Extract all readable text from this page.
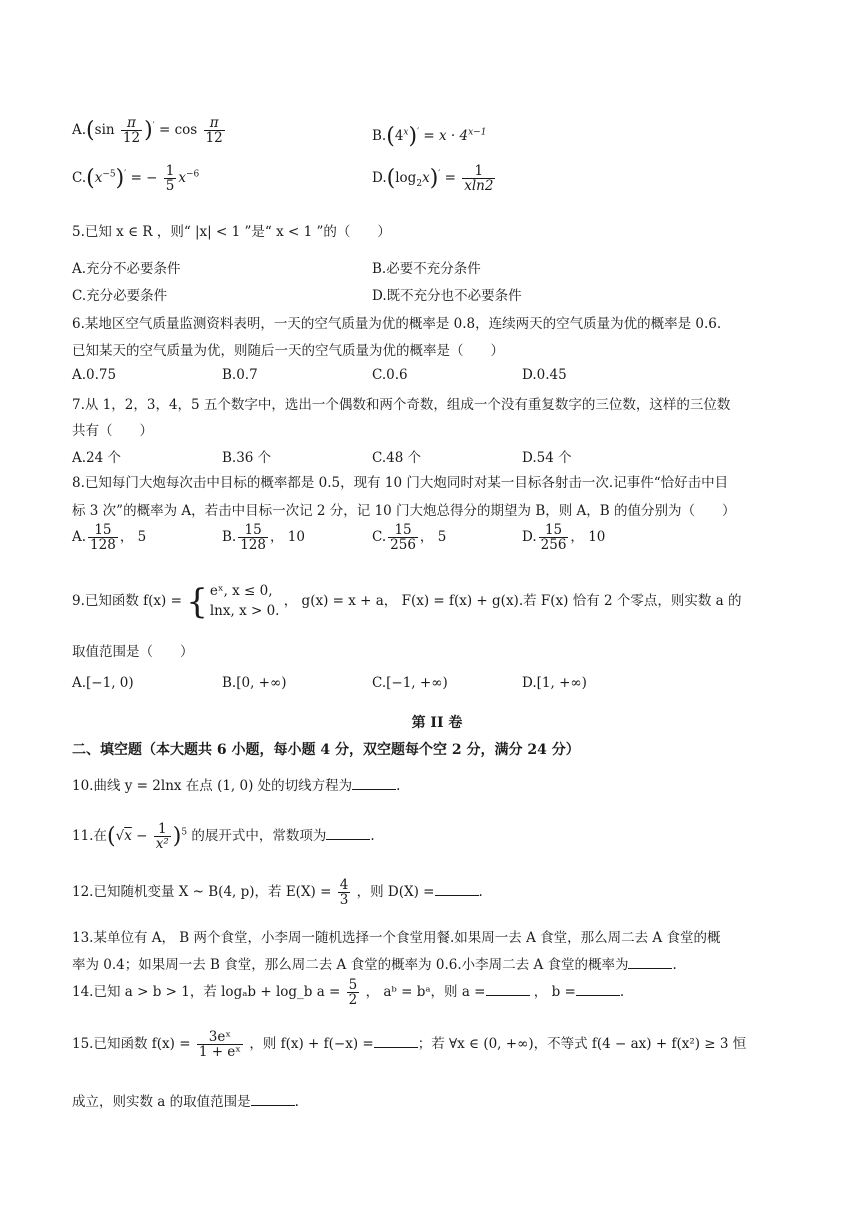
$A.(\sin \frac{\pi}{12} )' = \cos \frac{\pi}{12}$	$B.(4^x)' = x \cdot 4^{x-1}$
$C.(x^{-5})'$ = − $\frac{1}{5} x^{-6}$	$D.(\log_2x)' = \frac{1}{xln2}$
5.已知 x ∈ R ，则“ |x| < 1 ”是“ x < 1 ”的（　　）
A.充分不必要条件	B.必要不充分条件
C.充分必要条件	D.既不充分也不必要条件
6.某地区空气质量监测资料表明，一天的空气质量为优的概率是 0.8，连续两天的空气质量为优的概率是 0.6.
已知某天的空气质量为优，则随后一天的空气质量为优的概率是（　　）
A.0.75	B.0.7	C.0.6	D.0.45
7.从 1，2，3，4，5 五个数字中，选出一个偶数和两个奇数，组成一个没有重复数字的三位数，这样的三位数
共有（　　）
A.24 个	B.36 个	C.48 个	D.54 个
8.已知每门大炮每次击中目标的概率都是 0.5，现有 10 门大炮同时对某一目标各射击一次.记事件“恰好击中目
标 3 次”的概率为 A，若击中目标一次记 2 分，记 10 门大炮总得分的期望为 B，则 A，B 的值分别为（　　）
A. $\frac{15}{128}$ ， 5	B. $\frac{15}{128}$ ， 10	C. $\frac{15}{256}$ ， 5	D. $\frac{15}{256}$ ， 10
9.已知函数 f(x) = { eˣ, x ≤ 0,
lnx, x > 0.
， g(x) = x + a， F(x) = f(x) + g(x).若 F(x) 恰有 2 个零点，则实数 a 的
取值范围是（　　）
A.[−1, 0)	B.[0, +∞)	C.[−1, +∞)	D.[1, +∞)
第 II 卷
二、填空题（本大题共 6 小题，每小题 4 分，双空题每个空 2 分，满分 24 分）
10.曲线 y = 2lnx 在点 (1, 0) 处的切线方程为	.
11.在$(√x - \frac{1}{\text{x²}} )^5$ 的展开式中，常数项为	.
12.已知随机变量 X ~ B(4, p)，若 $E(X) = \frac{4}{3}$ ，则 D(X) =	.
13.某单位有 A， B 两个食堂，小李周一随机选择一个食堂用餐.如果周一去 A 食堂，那么周二去 A 食堂的概
率为 0.4；如果周一去 B 食堂，那么周二去 A 食堂的概率为 0.6.小李周二去 A 食堂的概率为	.
14.已知 a > b > 1，若 logₐb + log_b $a = \frac{5}{2}$ ， aᵇ = bᵃ，则 a =	， b =	.
15.已知函数 $f(x) = \frac{\text{3eˣ}}{\text{1 + eˣ}}$ ，则 f(x) + f(−x) =	；若 ∀x ∈ (0, +∞)，不等式 f(4 − ax) + f(x²) ≥ 3 恒
成立，则实数 a 的取值范围是	.
